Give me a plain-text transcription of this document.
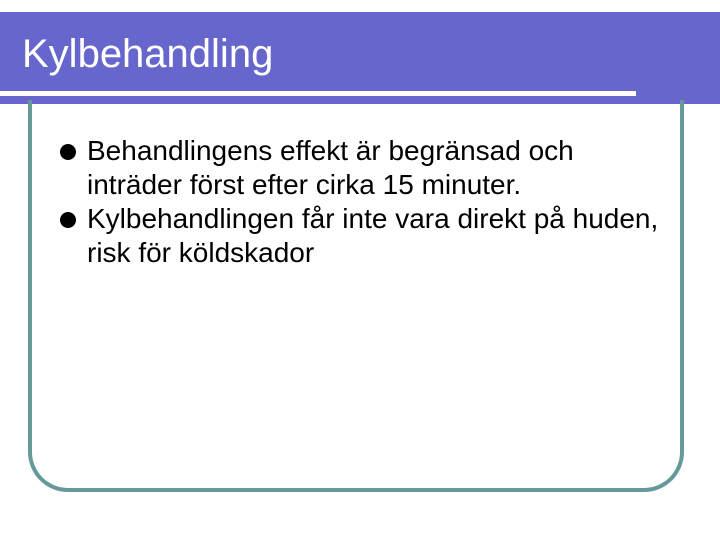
Kylbehandling
Behandlingens effekt är begränsad och inträder först efter cirka 15 minuter.
Kylbehandlingen får inte vara direkt på huden, risk för köldskador
